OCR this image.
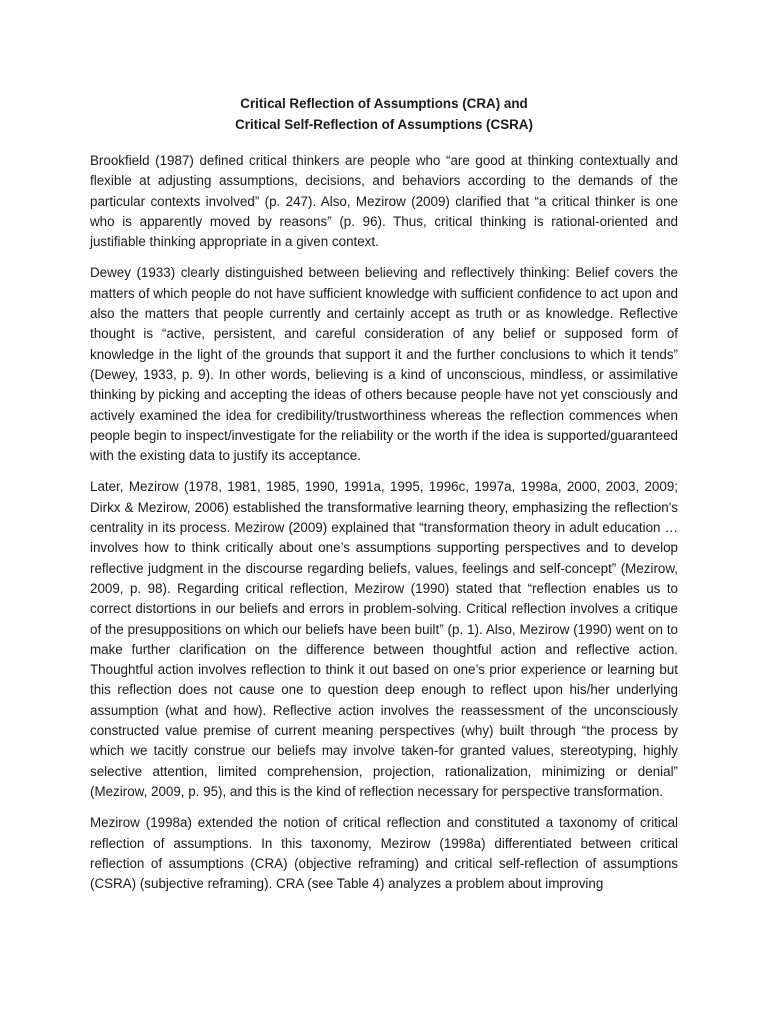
Critical Reflection of Assumptions (CRA) and
Critical Self-Reflection of Assumptions (CSRA)

Brookfield (1987) defined critical thinkers are people who “are good at thinking contextually and flexible at adjusting assumptions, decisions, and behaviors according to the demands of the particular contexts involved” (p. 247). Also, Mezirow (2009) clarified that “a critical thinker is one who is apparently moved by reasons” (p. 96). Thus, critical thinking is rational-oriented and justifiable thinking appropriate in a given context.

Dewey (1933) clearly distinguished between believing and reflectively thinking: Belief covers the matters of which people do not have sufficient knowledge with sufficient confidence to act upon and also the matters that people currently and certainly accept as truth or as knowledge. Reflective thought is “active, persistent, and careful consideration of any belief or supposed form of knowledge in the light of the grounds that support it and the further conclusions to which it tends” (Dewey, 1933, p. 9). In other words, believing is a kind of unconscious, mindless, or assimilative thinking by picking and accepting the ideas of others because people have not yet consciously and actively examined the idea for credibility/trustworthiness whereas the reflection commences when people begin to inspect/investigate for the reliability or the worth if the idea is supported/guaranteed with the existing data to justify its acceptance.

Later, Mezirow (1978, 1981, 1985, 1990, 1991a, 1995, 1996c, 1997a, 1998a, 2000, 2003, 2009; Dirkx & Mezirow, 2006) established the transformative learning theory, emphasizing the reflection's centrality in its process. Mezirow (2009) explained that “transformation theory in adult education … involves how to think critically about one’s assumptions supporting perspectives and to develop reflective judgment in the discourse regarding beliefs, values, feelings and self-concept” (Mezirow, 2009, p. 98). Regarding critical reflection, Mezirow (1990) stated that “reflection enables us to correct distortions in our beliefs and errors in problem-solving. Critical reflection involves a critique of the presuppositions on which our beliefs have been built” (p. 1). Also, Mezirow (1990) went on to make further clarification on the difference between thoughtful action and reflective action. Thoughtful action involves reflection to think it out based on one’s prior experience or learning but this reflection does not cause one to question deep enough to reflect upon his/her underlying assumption (what and how). Reflective action involves the reassessment of the unconsciously constructed value premise of current meaning perspectives (why) built through “the process by which we tacitly construe our beliefs may involve taken-for granted values, stereotyping, highly selective attention, limited comprehension, projection, rationalization, minimizing or denial” (Mezirow, 2009, p. 95), and this is the kind of reflection necessary for perspective transformation.

Mezirow (1998a) extended the notion of critical reflection and constituted a taxonomy of critical reflection of assumptions. In this taxonomy, Mezirow (1998a) differentiated between critical reflection of assumptions (CRA) (objective reframing) and critical self-reflection of assumptions (CSRA) (subjective reframing). CRA (see Table 4) analyzes a problem about improving
